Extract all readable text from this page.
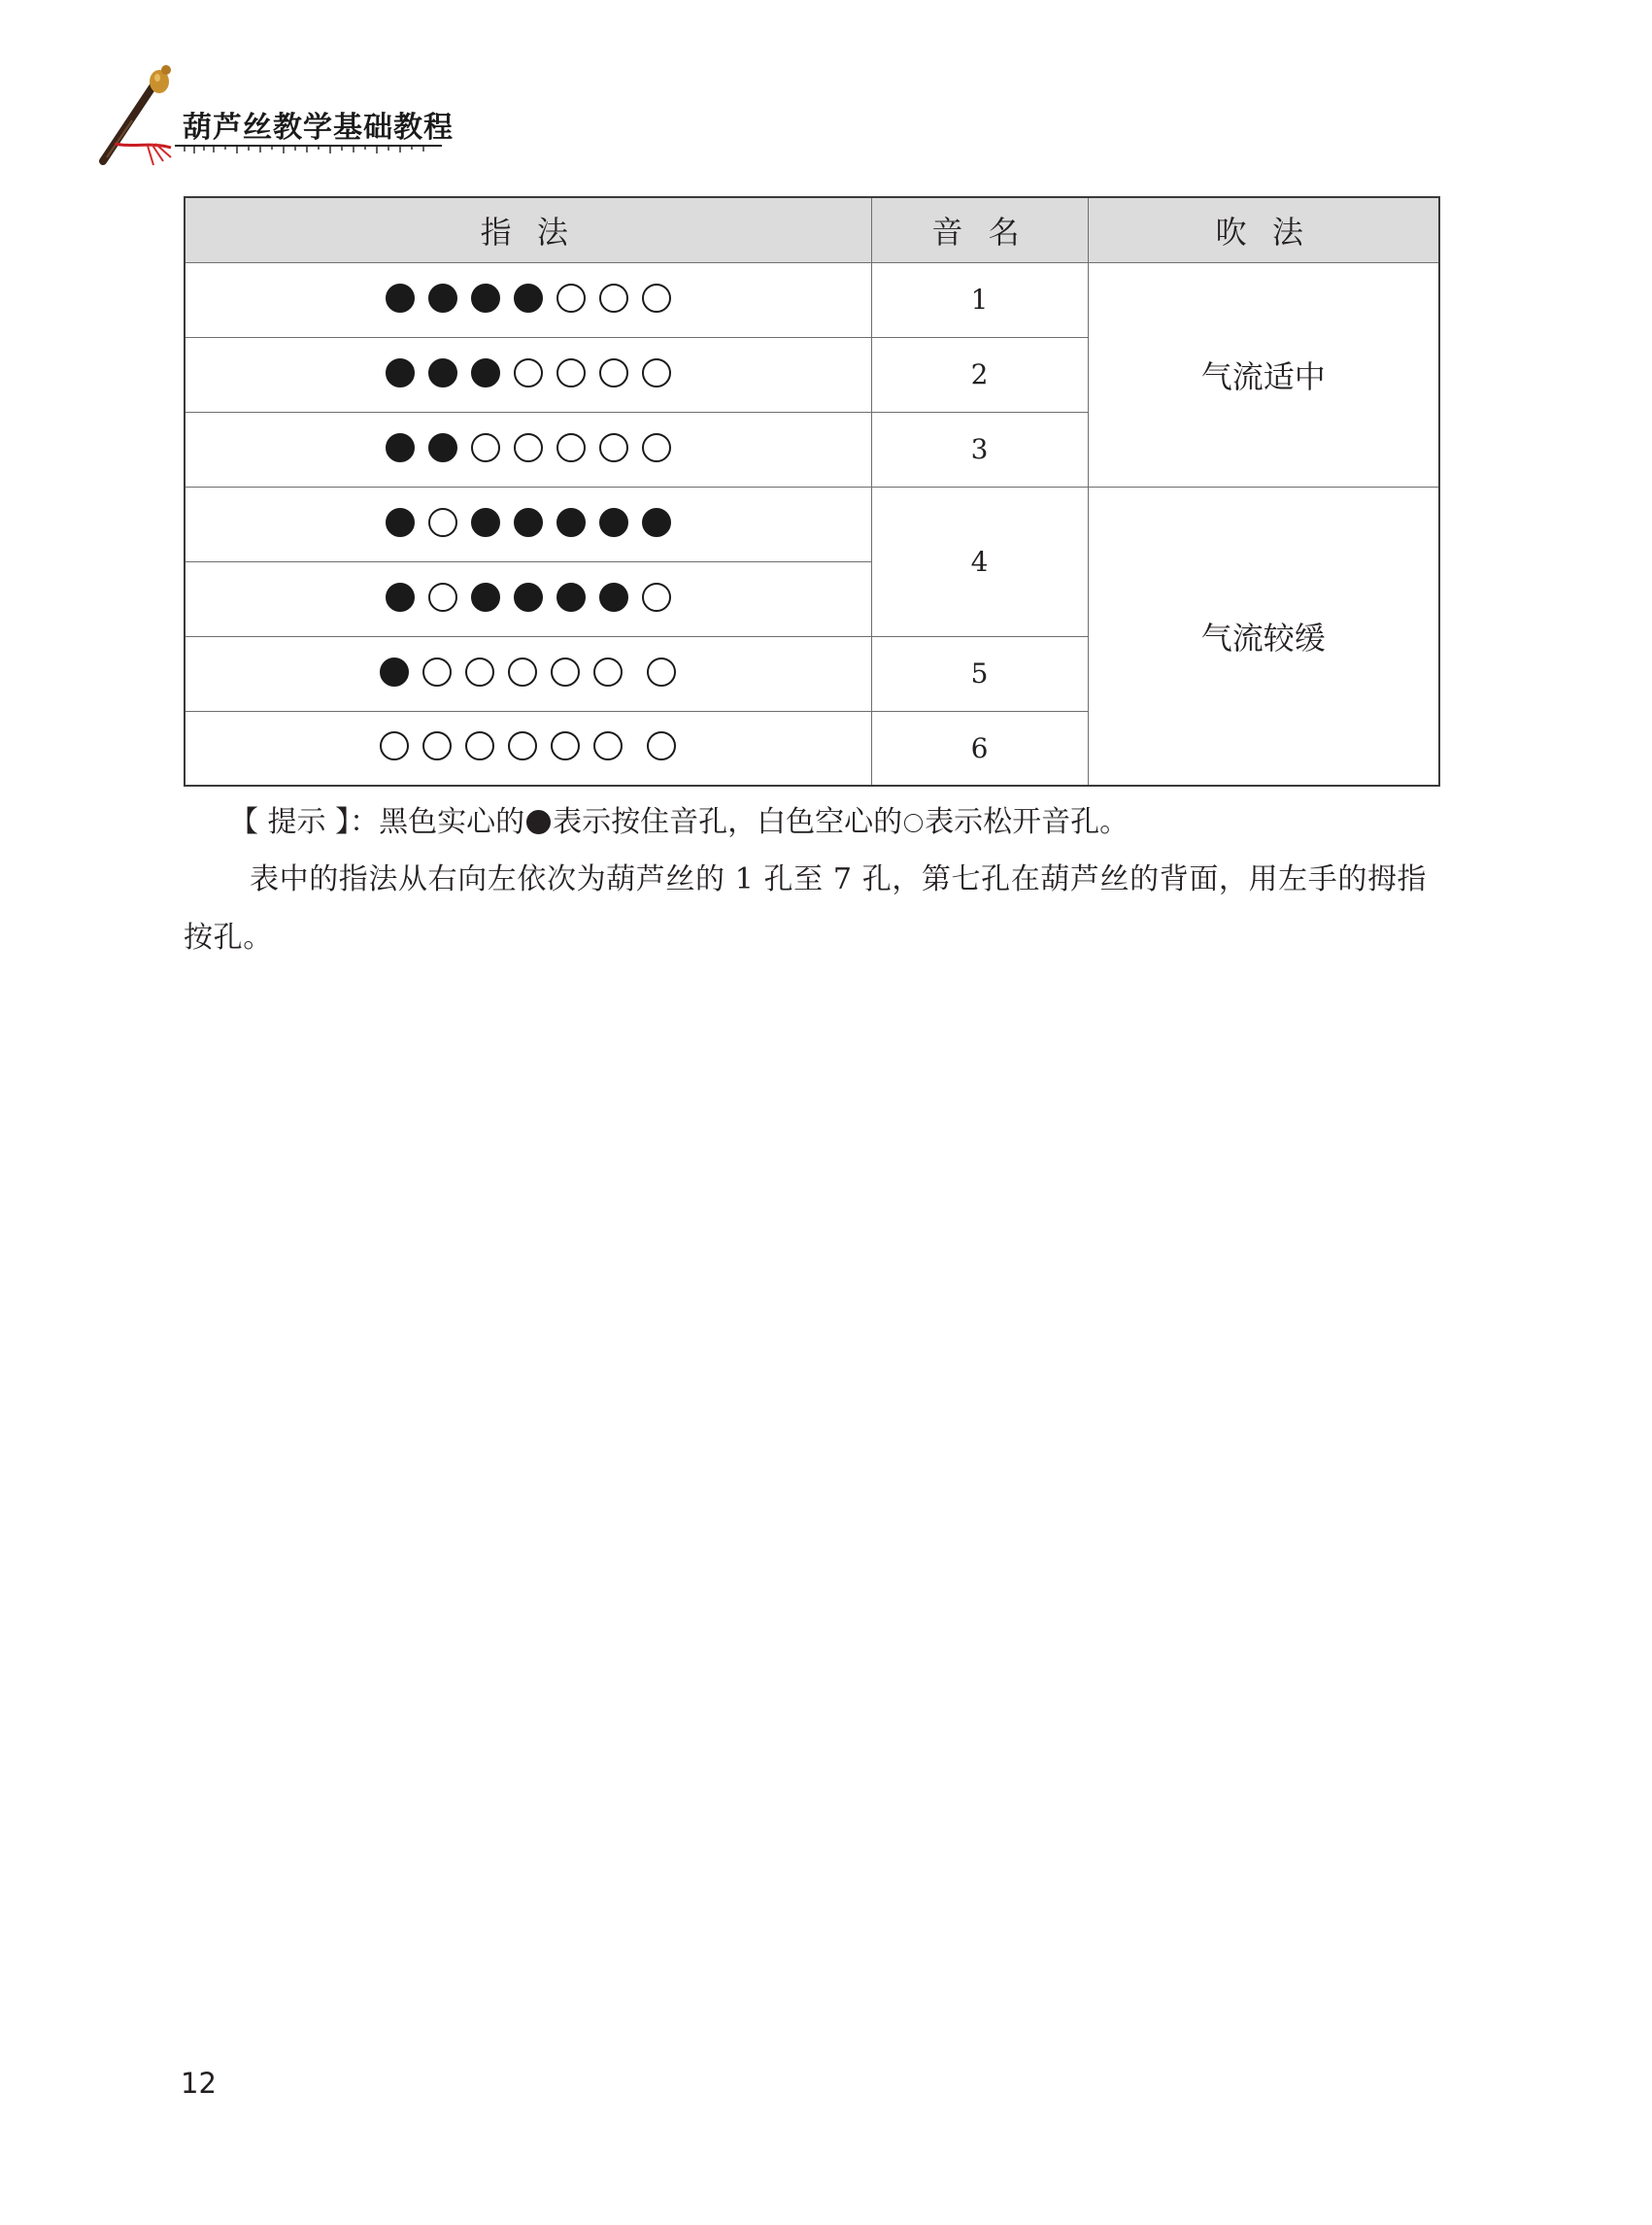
葫芦丝教学基础教程
指 法	音 名	吹 法

	1	气流适中

	2	

	3	

	4	气流较缓

	5	

	6	
【 提示 】：黑色实心的 表示按住音孔，白色空心的 表示松开音孔。
表中的指法从右向左依次为葫芦丝的 1 孔至 7 孔，第七孔在葫芦丝的背面，用左手的拇指按孔。
12
